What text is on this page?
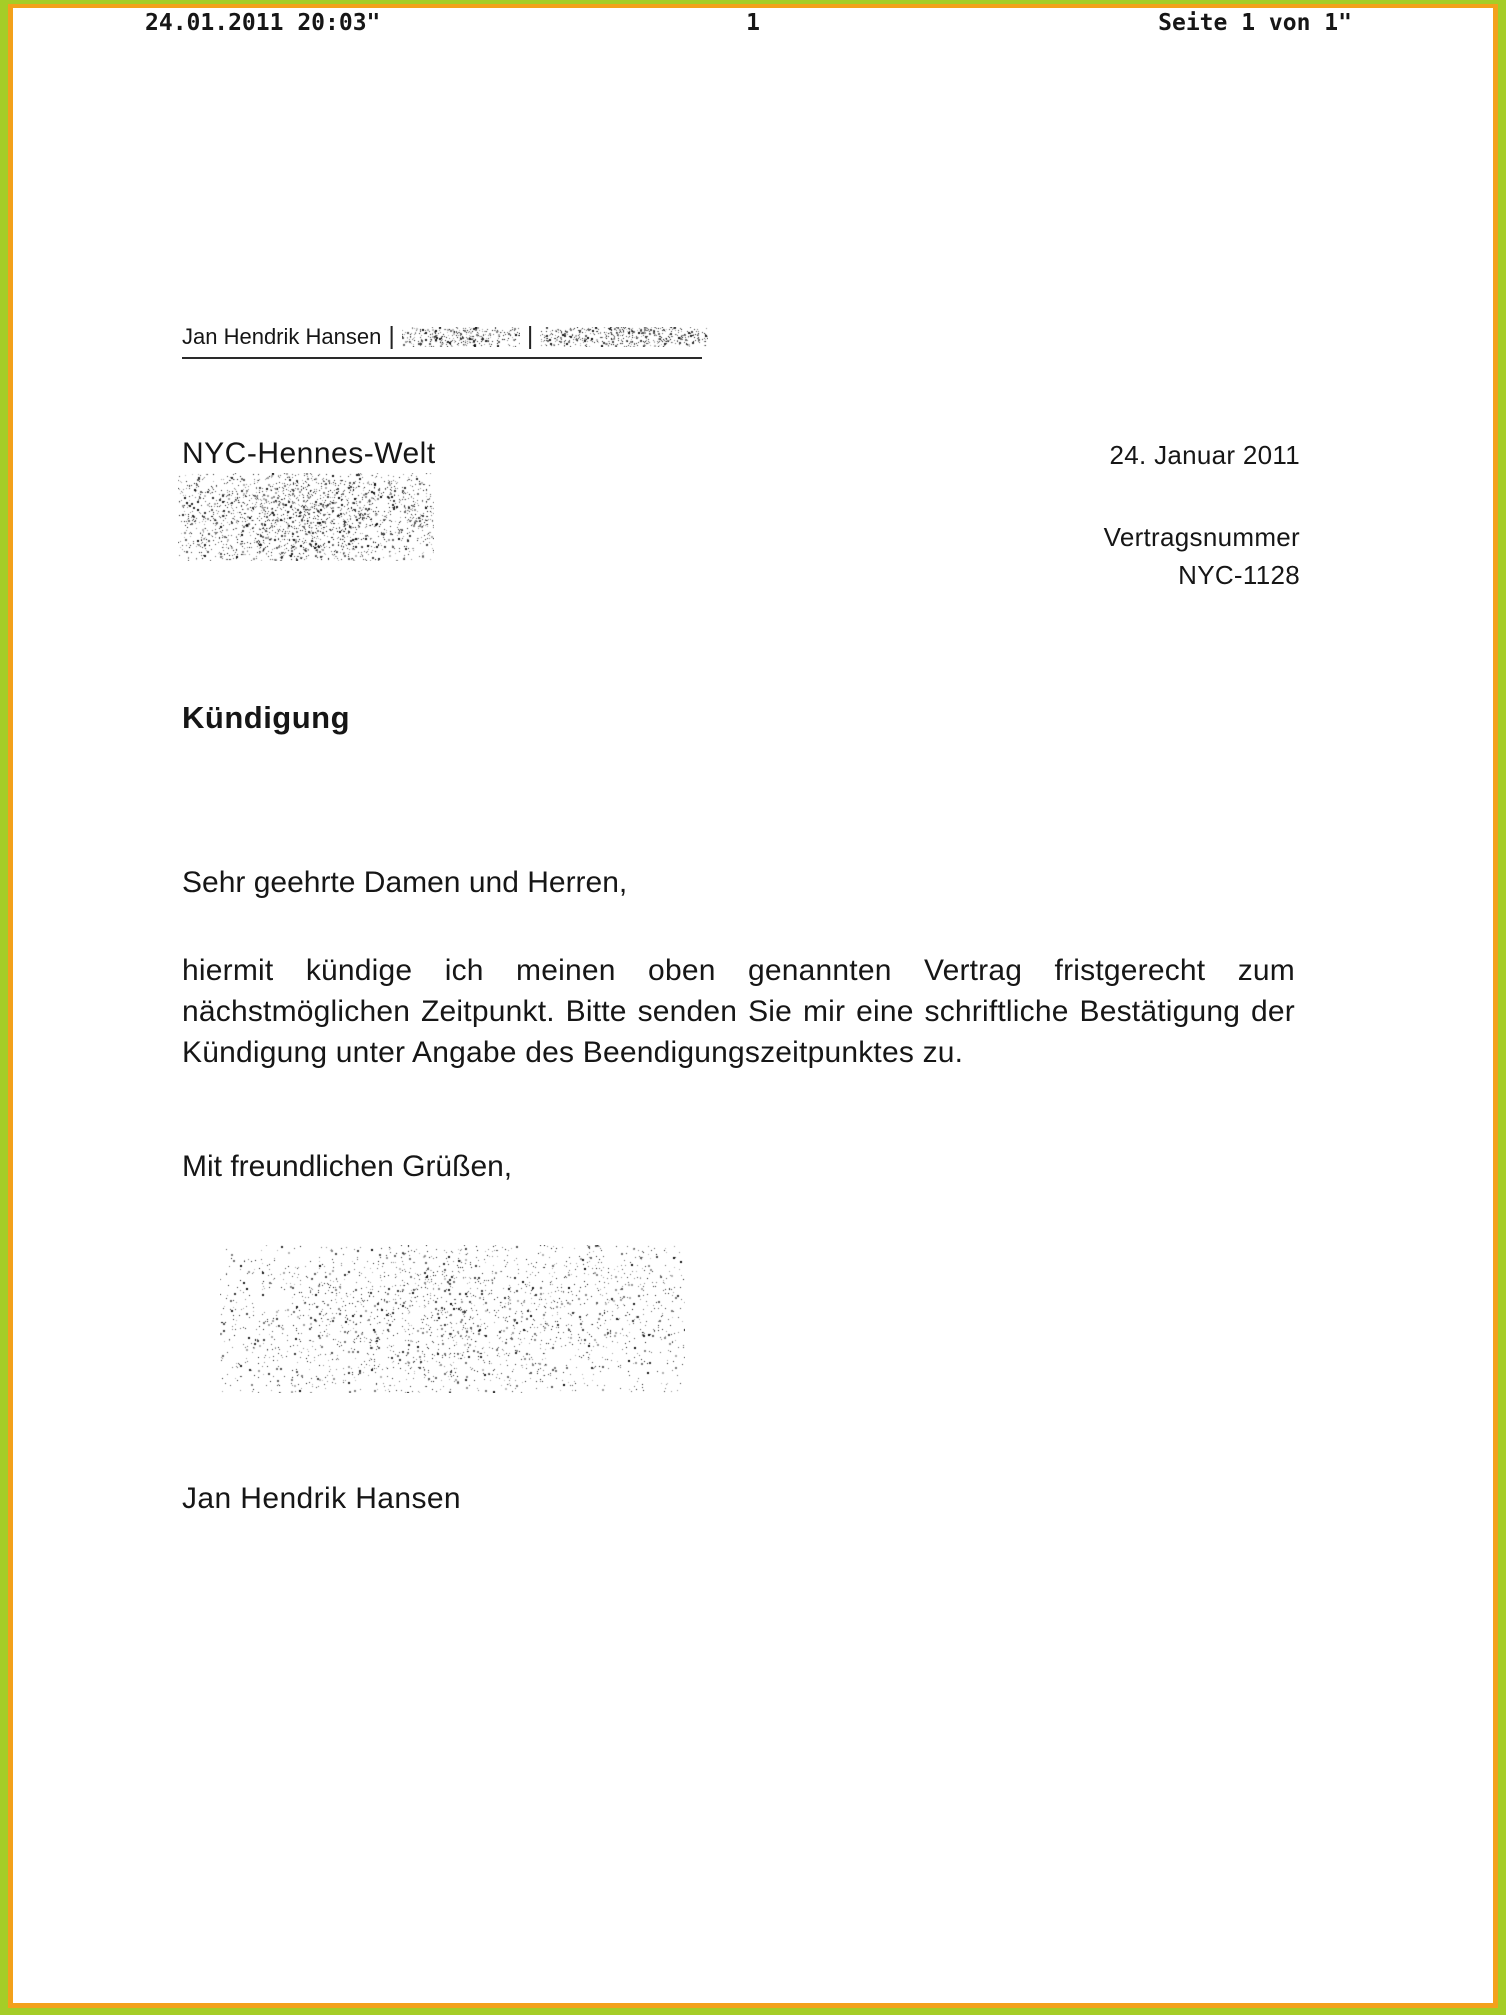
24.01.2011 20:03"	1	Seite 1 von 1"
Jan Hendrik Hansen |	|
NYC-Hennes-Welt	24. Januar 2011
Vertragsnummer
NYC-1128
Kündigung
Sehr geehrte Damen und Herren,
hiermit kündige ich meinen oben genannten Vertrag fristgerecht zum nächstmöglichen Zeitpunkt. Bitte senden Sie mir eine schriftliche Bestätigung der Kündigung unter Angabe des Beendigungszeitpunktes zu.
Mit freundlichen Grüßen,
Jan Hendrik Hansen
